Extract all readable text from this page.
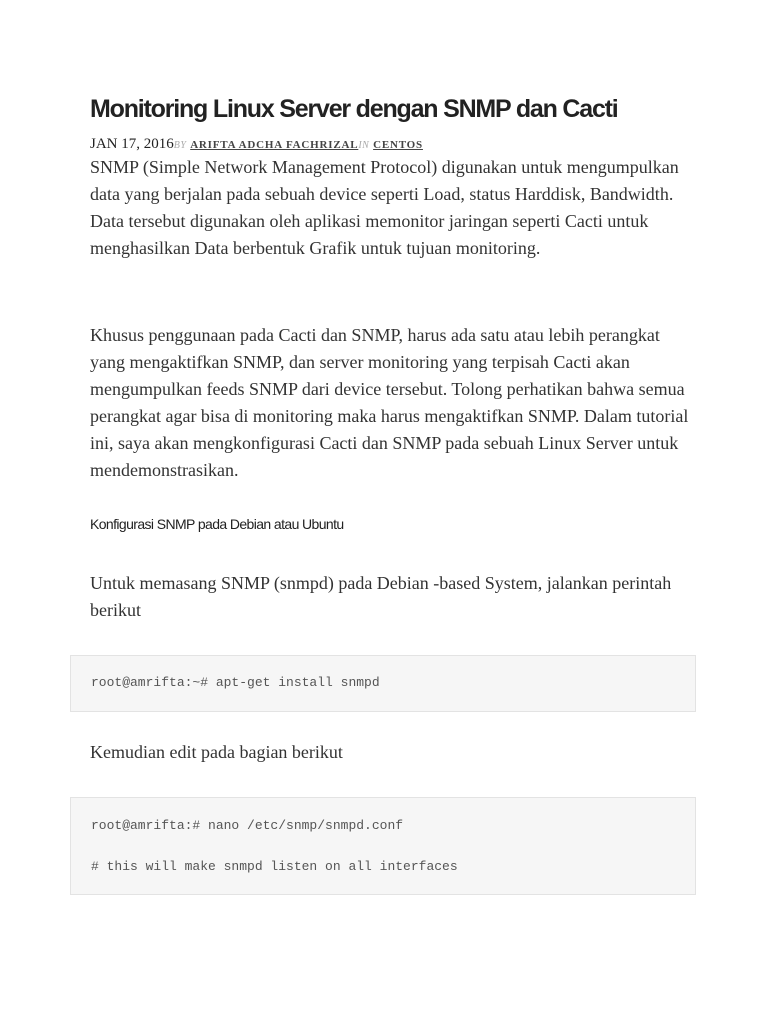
Monitoring Linux Server dengan SNMP dan Cacti
JAN 17, 2016BY ARIFTA ADCHA FACHRIZALIN CENTOS

SNMP (Simple Network Management Protocol) digunakan untuk mengumpulkan data yang berjalan pada sebuah device seperti Load, status Harddisk, Bandwidth. Data tersebut digunakan oleh aplikasi memonitor jaringan seperti Cacti untuk menghasilkan Data berbentuk Grafik untuk tujuan monitoring.

Khusus penggunaan pada Cacti dan SNMP, harus ada satu atau lebih perangkat yang mengaktifkan SNMP, dan server monitoring yang terpisah Cacti akan mengumpulkan feeds SNMP dari device tersebut. Tolong perhatikan bahwa semua perangkat agar bisa di monitoring maka harus mengaktifkan SNMP. Dalam tutorial ini, saya akan mengkonfigurasi Cacti dan SNMP pada sebuah Linux Server untuk mendemonstrasikan.

Konfigurasi SNMP pada Debian atau Ubuntu

Untuk memasang SNMP (snmpd) pada Debian -based System, jalankan perintah berikut

root@amrifta:~# apt-get install snmpd

Kemudian edit pada bagian berikut

root@amrifta:# nano /etc/snmp/snmpd.conf
# this will make snmpd listen on all interfaces
